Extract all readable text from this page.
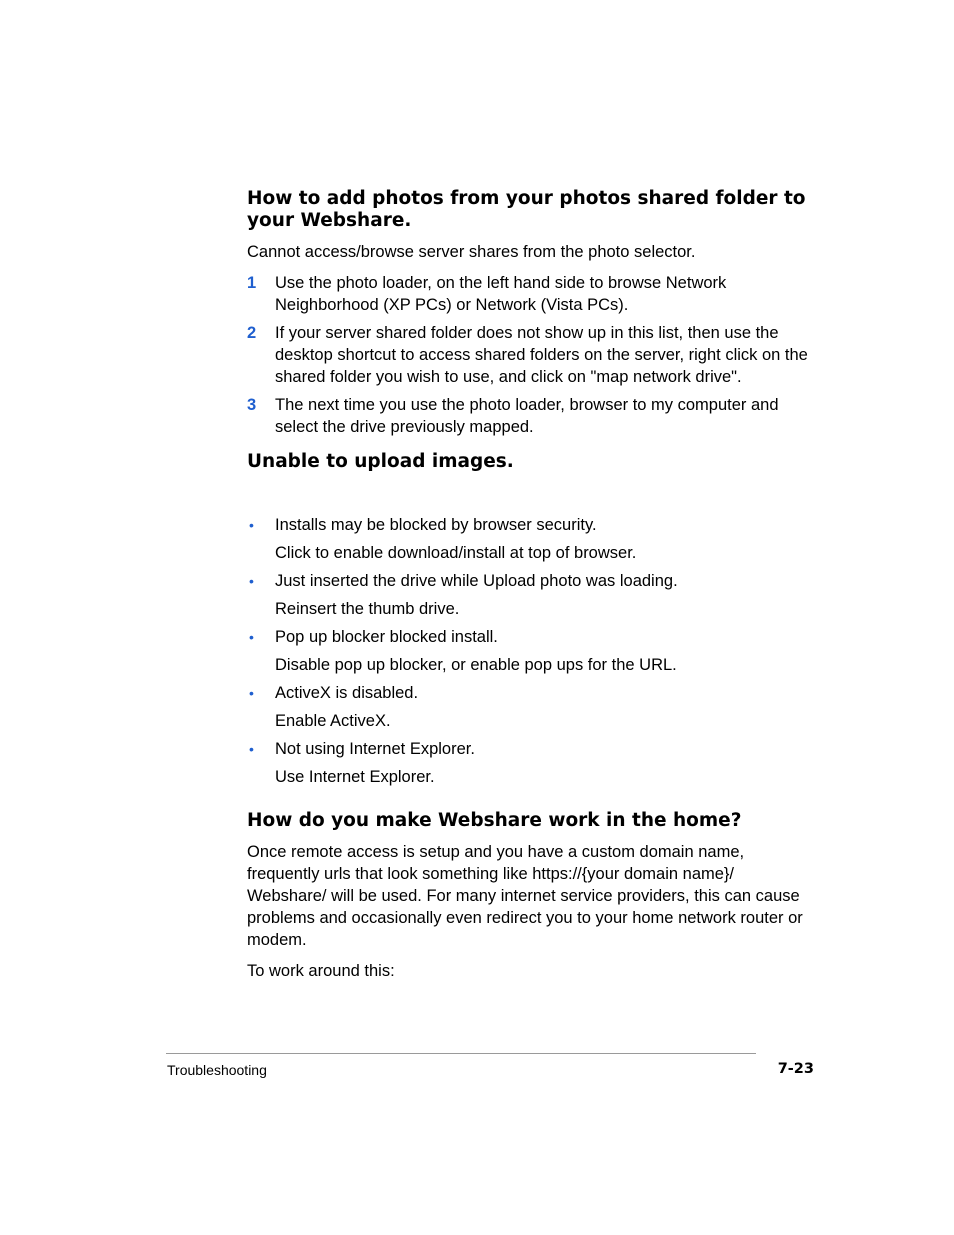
How to add photos from your photos shared folder to your Webshare.

Cannot access/browse server shares from the photo selector.

1 Use the photo loader, on the left hand side to browse Network Neighborhood (XP PCs) or Network (Vista PCs).
2 If your server shared folder does not show up in this list, then use the desktop shortcut to access shared folders on the server, right click on the shared folder you wish to use, and click on "map network drive".
3 The next time you use the photo loader, browser to my computer and select the drive previously mapped.
Unable to upload images.
• Installs may be blocked by browser security.
Click to enable download/install at top of browser.
• Just inserted the drive while Upload photo was loading.
Reinsert the thumb drive.
• Pop up blocker blocked install.
Disable pop up blocker, or enable pop ups for the URL.
• ActiveX is disabled.
Enable ActiveX.
• Not using Internet Explorer.
Use Internet Explorer.
How do you make Webshare work in the home?

Once remote access is setup and you have a custom domain name, frequently urls that look something like https://{your domain name}/ Webshare/ will be used. For many internet service providers, this can cause problems and occasionally even redirect you to your home network router or modem.

To work around this:

Troubleshooting	7-23
